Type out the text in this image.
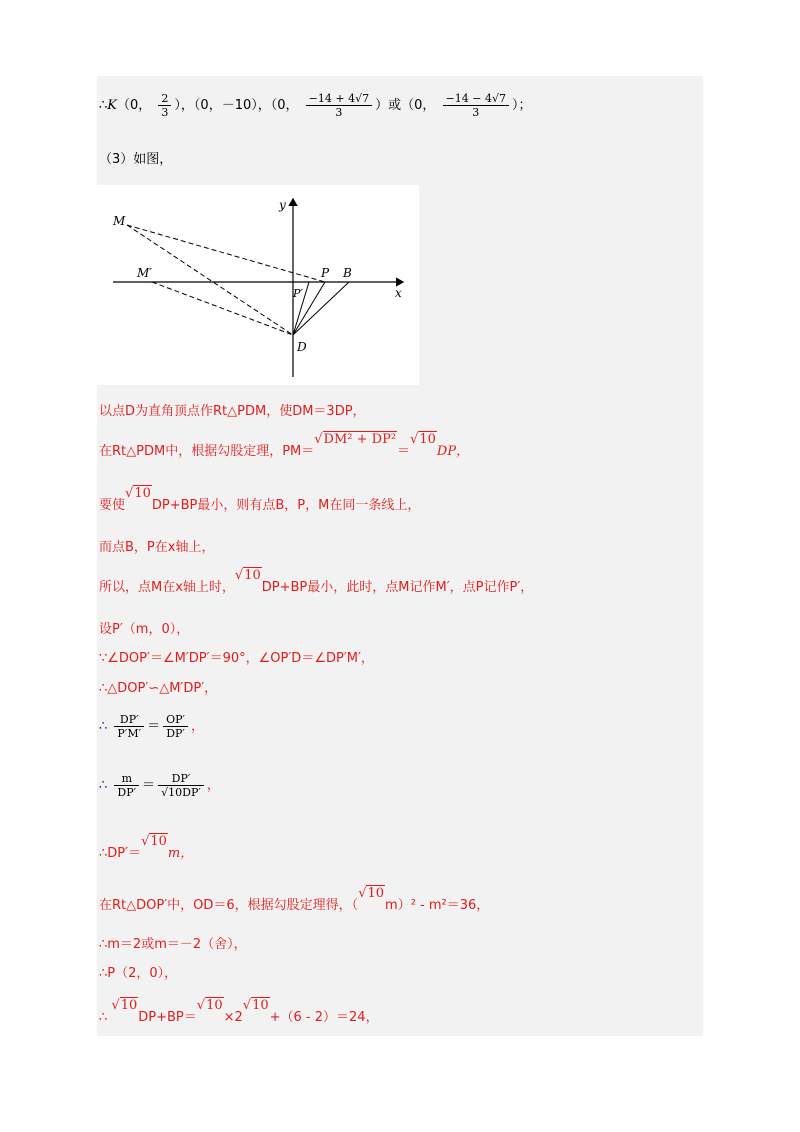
∴K（0， $\frac{2}{3}$ ），（0，－10），（0， $\frac{-14 + 4√7}{3}$ ）或（0， $\frac{-14 - 4√7}{3}$ ）；
（3）如图，
M
M′	P B
P′
D
x
y
以点D为直角顶点作Rt△PDM，使DM＝3DP，
在Rt△PDM中，根据勾股定理，PM＝√DM² + DP²＝√10DP，
要使√10DP+BP最小，则有点B，P，M在同一条线上，
而点B，P在x轴上，
所以，点M在x轴上时，√10DP+BP最小，此时，点M记作M′，点P记作P′，
设P′（m，0），
∵∠DOP′＝∠M′DP′＝90°，∠OP′D＝∠DP′M′，
∴△DOP′∽△M′DP′，
∴ $\frac{DP'}{P'M'} = \frac{OP'}{DP'}$ ，
∴ $\frac{m}{DP'} = \frac{DP'}{√10DP'}$ ，
∴DP′＝√10m，
在Rt△DOP′中，OD＝6，根据勾股定理得，（√10m）² - m²＝36，
∴m＝2或m＝－2（舍），
∴P（2，0），
∴ √10DP+BP＝√10×2√10+（6 - 2）＝24，
